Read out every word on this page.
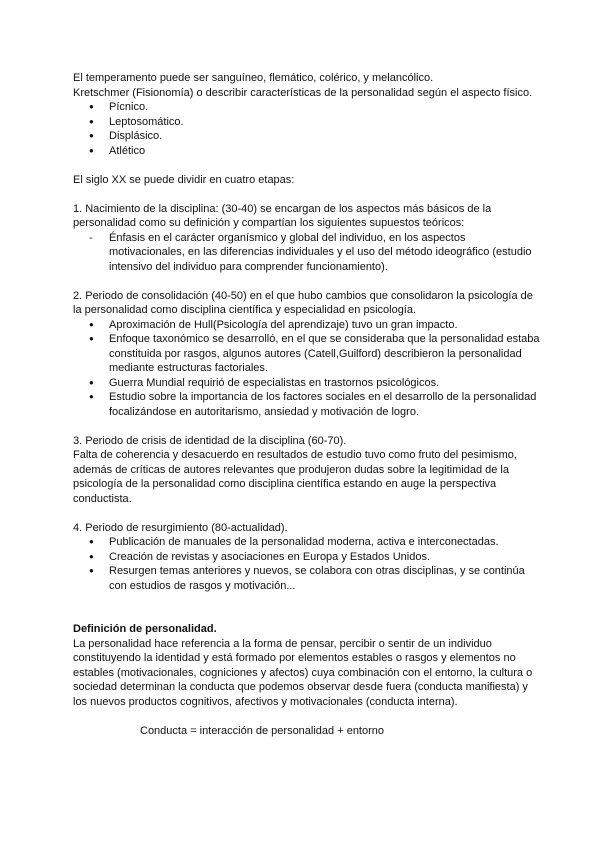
El temperamento puede ser sanguíneo, flemático, colérico, y melancólico.

Kretschmer (Fisionomía) o describir características de la personalidad según el aspecto físico.

● Pícnico.
● Leptosomático.
● Displásico.
● Atlético

El siglo XX se puede dividir en cuatro etapas:

1. Nacimiento de la disciplina: (30-40) se encargan de los aspectos más básicos de la personalidad como su definición y compartían los siguientes supuestos teóricos:

- Énfasis en el carácter organísmico y global del individuo, en los aspectos motivacionales, en las diferencias individuales y el uso del método ideográfico (estudio intensivo del individuo para comprender funcionamiento).

2. Periodo de consolidación (40-50) en el que hubo cambios que consolidaron la psicología de la personalidad como disciplina científica y especialidad en psicología.

● Aproximación de Hull(Psicología del aprendizaje) tuvo un gran impacto.
● Enfoque taxonómico se desarrolló, en el que se consideraba que la personalidad estaba constituida por rasgos, algunos autores (Catell,Guilford) describieron la personalidad mediante estructuras factoriales.
● Guerra Mundial requirió de especialistas en trastornos psicológicos.
● Estudio sobre la importancia de los factores sociales en el desarrollo de la personalidad focalizándose en autoritarismo, ansiedad y motivación de logro.

3. Periodo de crisis de identidad de la disciplina (60-70).

Falta de coherencia y desacuerdo en resultados de estudio tuvo como fruto del pesimismo, además de críticas de autores relevantes que produjeron dudas sobre la legitimidad de la psicología de la personalidad como disciplina científica estando en auge la perspectiva conductista.

4. Periodo de resurgimiento (80-actualidad).

● Publicación de manuales de la personalidad moderna, activa e interconectadas.
● Creación de revistas y asociaciones en Europa y Estados Unidos.
● Resurgen temas anteriores y nuevos, se colabora con otras disciplinas, y se continúa con estudios de rasgos y motivación...

Definición de personalidad.

La personalidad hace referencia a la forma de pensar, percibir o sentir de un individuo constituyendo la identidad y está formado por elementos estables o rasgos y elementos no estables (motivacionales, cogniciones y afectos) cuya combinación con el entorno, la cultura o sociedad determinan la conducta que podemos observar desde fuera (conducta manifiesta) y los nuevos productos cognitivos, afectivos y motivacionales (conducta interna).

Conducta = interacción de personalidad + entorno
